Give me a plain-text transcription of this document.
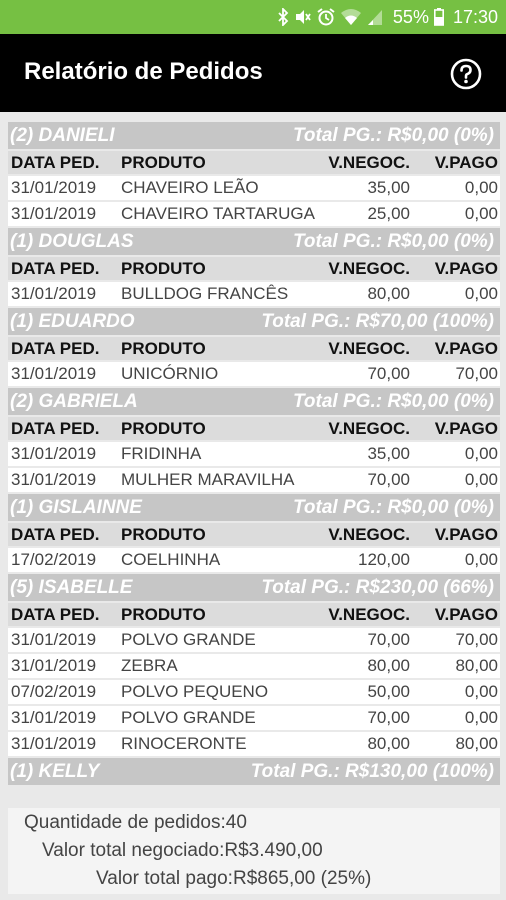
55% 17:30
Relatório de Pedidos
(2) DANIELI	Total PG.: R$0,00 (0%)
DATA PED. PRODUTO	V.NEGOC. V.PAGO
31/01/2019 CHAVEIRO LEÃO	35,00	0,00
31/01/2019 CHAVEIRO TARTARUGA	25,00	0,00
(1) DOUGLAS	Total PG.: R$0,00 (0%)
DATA PED. PRODUTO	V.NEGOC. V.PAGO
31/01/2019 BULLDOG FRANCÊS	80,00	0,00
(1) EDUARDO	Total PG.: R$70,00 (100%)
DATA PED. PRODUTO	V.NEGOC. V.PAGO
31/01/2019 UNICÓRNIO	70,00	70,00
(2) GABRIELA	Total PG.: R$0,00 (0%)
DATA PED. PRODUTO	V.NEGOC. V.PAGO
31/01/2019 FRIDINHA	35,00	0,00
31/01/2019 MULHER MARAVILHA	70,00	0,00
(1) GISLAINNE	Total PG.: R$0,00 (0%)
DATA PED. PRODUTO	V.NEGOC. V.PAGO
17/02/2019 COELHINHA	120,00	0,00
(5) ISABELLE	Total PG.: R$230,00 (66%)
DATA PED. PRODUTO	V.NEGOC. V.PAGO
31/01/2019 POLVO GRANDE	70,00	70,00
31/01/2019 ZEBRA	80,00	80,00
07/02/2019 POLVO PEQUENO	50,00	0,00
31/01/2019 POLVO GRANDE	70,00	0,00
31/01/2019 RINOCERONTE	80,00	80,00
(1) KELLY	Total PG.: R$130,00 (100%)
Quantidade de pedidos:40
Valor total negociado:R$3.490,00
Valor total pago:R$865,00 (25%)
